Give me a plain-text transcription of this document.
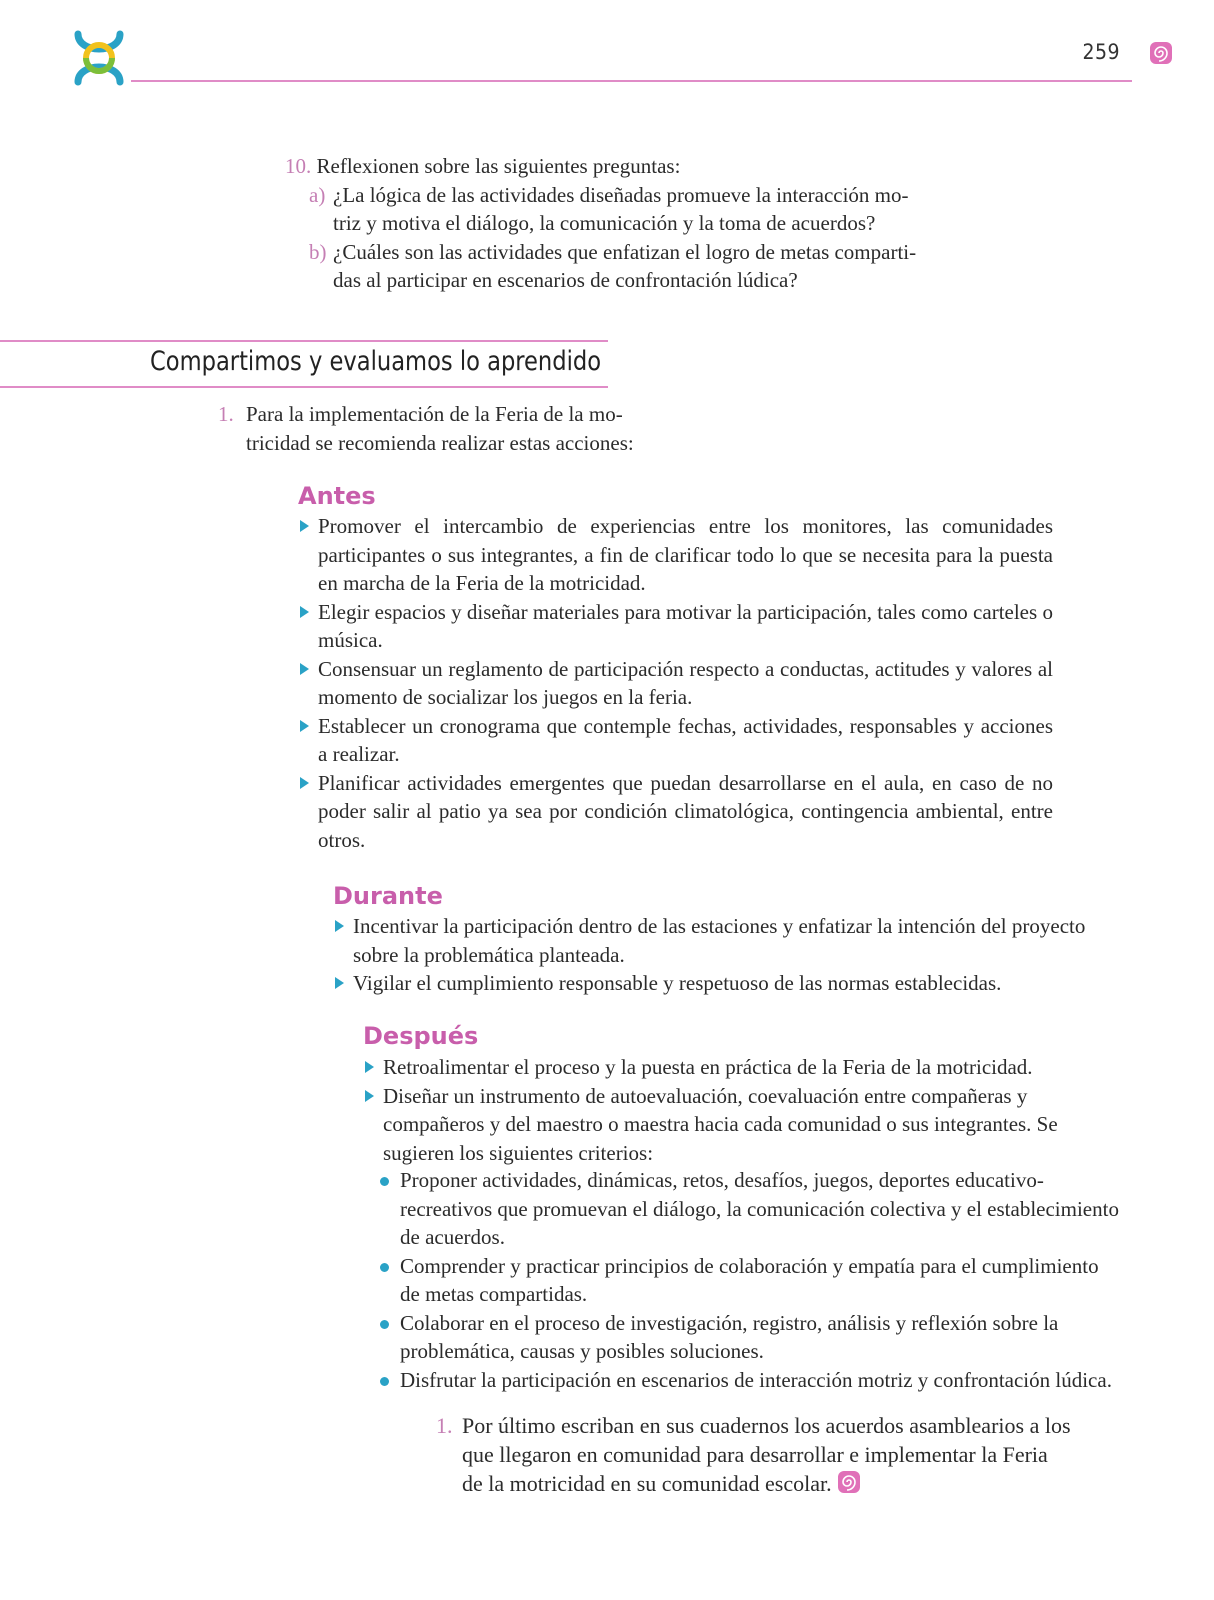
259
10. Reflexionen sobre las siguientes preguntas:
a) ¿La lógica de las actividades diseñadas promueve la interacción mo-
triz y motiva el diálogo, la comunicación y la toma de acuerdos?
b) ¿Cuáles son las actividades que enfatizan el logro de metas comparti-
das al participar en escenarios de confrontación lúdica?
Compartimos y evaluamos lo aprendido
1. Para la implementación de la Feria de la mo-
tricidad se recomienda realizar estas acciones:
Antes
Promover el intercambio de experiencias entre los monitores, las comunidades participantes o sus integrantes, a fin de clarificar todo lo que se necesita para la puesta en marcha de la Feria de la motricidad.
Elegir espacios y diseñar materiales para motivar la participación, tales como carteles o música.
Consensuar un reglamento de participación respecto a conductas, actitudes y valores al momento de socializar los juegos en la feria.
Establecer un cronograma que contemple fechas, actividades, responsables y acciones a realizar.
Planificar actividades emergentes que puedan desarrollarse en el aula, en caso de no poder salir al patio ya sea por condición climatológica, contingencia ambiental, entre otros.
Durante
Incentivar la participación dentro de las estaciones y enfatizar la intención del proyecto sobre la problemática planteada.
Vigilar el cumplimiento responsable y respetuoso de las normas establecidas.
Después
Retroalimentar el proceso y la puesta en práctica de la Feria de la motricidad.
Diseñar un instrumento de autoevaluación, coevaluación entre compañeras y compañeros y del maestro o maestra hacia cada comunidad o sus integrantes. Se sugieren los siguientes criterios:
Proponer actividades, dinámicas, retos, desafíos, juegos, deportes educativo-recreativos que promuevan el diálogo, la comunicación colectiva y el establecimiento de acuerdos.
Comprender y practicar principios de colaboración y empatía para el cumplimiento de metas compartidas.
Colaborar en el proceso de investigación, registro, análisis y reflexión sobre la problemática, causas y posibles soluciones.
Disfrutar la participación en escenarios de interacción motriz y confrontación lúdica.
1. Por último escriban en sus cuadernos los acuerdos asamblearios a los
que llegaron en comunidad para desarrollar e implementar la Feria
de la motricidad en su comunidad escolar.
